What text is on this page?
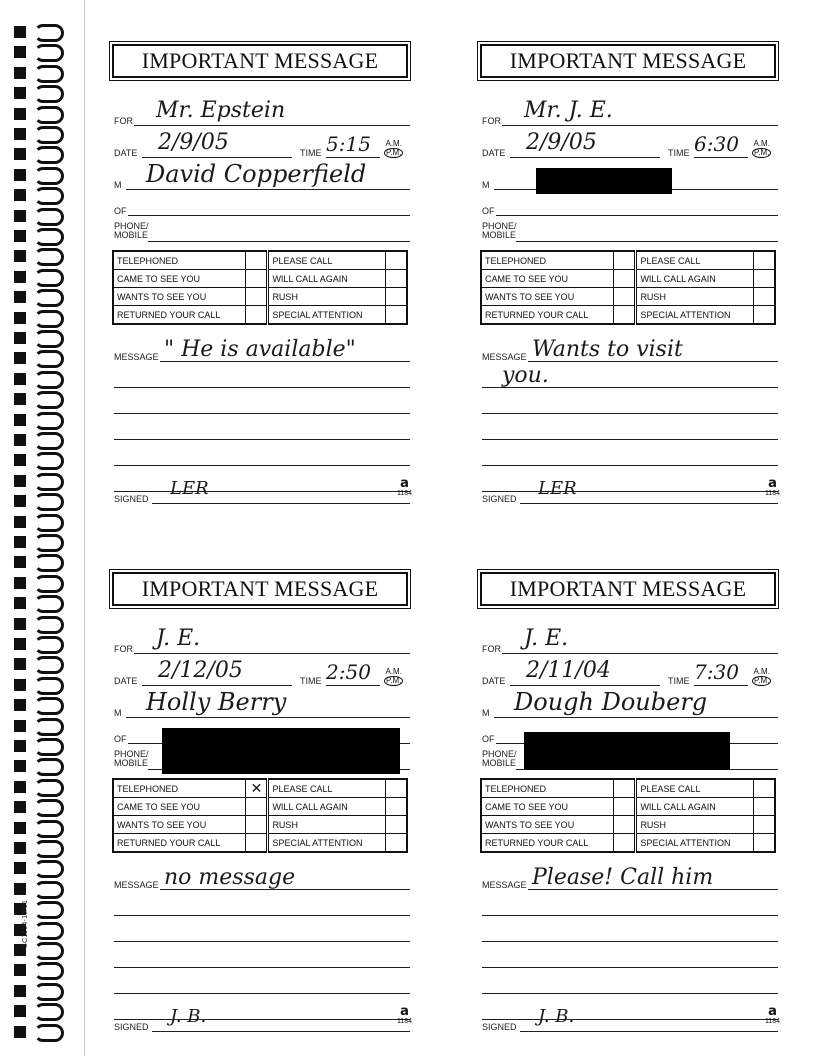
SC1184-10/01
IMPORTANT MESSAGE
FOR Mr. Epstein
DATE 2/9/05	TIME 5:15 A.M.
P.M.
M David Copperfield
OF
PHONE/
MOBILE
TELEPHONED		PLEASE CALL	
CAME TO SEE YOU		WILL CALL AGAIN	
WANTS TO SEE YOU		RUSH	
RETURNED YOUR CALL		SPECIAL ATTENTION	
MESSAGE " He is available"
SIGNED LER	a
1184
IMPORTANT MESSAGE
FOR Mr. J. E.
DATE 2/9/05	TIME 6:30 A.M.
P.M.
M
OF
PHONE/
MOBILE
TELEPHONED		PLEASE CALL	
CAME TO SEE YOU		WILL CALL AGAIN	
WANTS TO SEE YOU		RUSH	
RETURNED YOUR CALL		SPECIAL ATTENTION	
MESSAGE Wants to visit
you.
SIGNED LER	a
1184
IMPORTANT MESSAGE
FOR J. E.
DATE 2/12/05	TIME 2:50 A.M.
P.M.
M Holly Berry
OF
PHONE/
MOBILE
TELEPHONED	✕	PLEASE CALL	
CAME TO SEE YOU		WILL CALL AGAIN	
WANTS TO SEE YOU		RUSH	
RETURNED YOUR CALL		SPECIAL ATTENTION	
MESSAGE no message
SIGNED J. B.	a
1184
IMPORTANT MESSAGE
FOR J. E.
DATE 2/11/04	TIME 7:30 A.M.
P.M.
M Dough Douberg
OF
PHONE/
MOBILE
TELEPHONED		PLEASE CALL	
CAME TO SEE YOU		WILL CALL AGAIN	
WANTS TO SEE YOU		RUSH	
RETURNED YOUR CALL		SPECIAL ATTENTION	
MESSAGE Please! Call him
SIGNED J. B.	a
1184
